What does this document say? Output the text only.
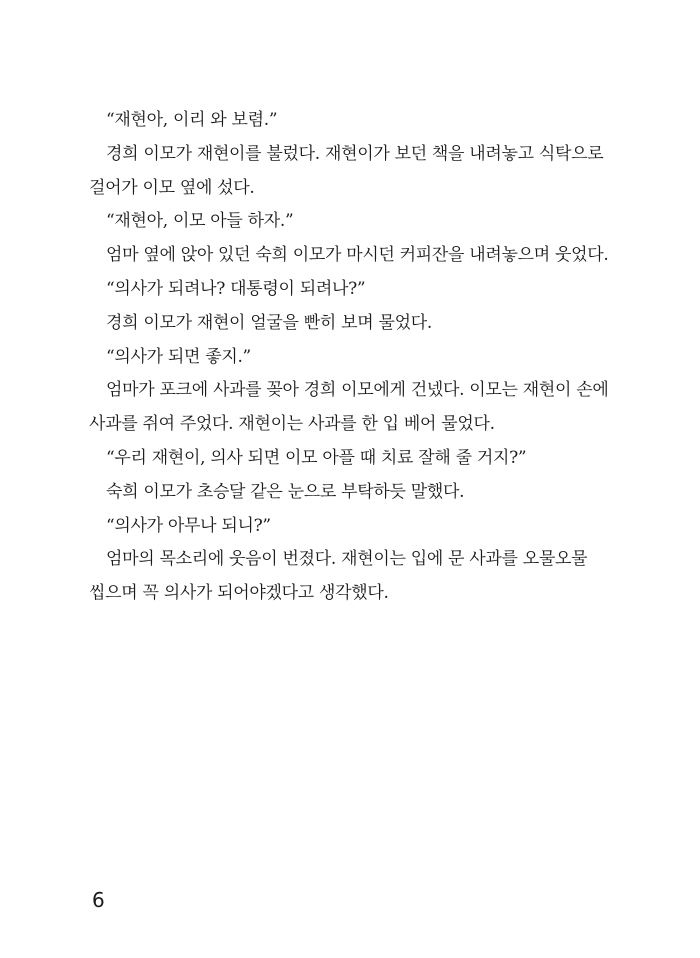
“재현아, 이리 와 보렴.”

경희 이모가 재현이를 불렀다. 재현이가 보던 책을 내려놓고 식탁으로 걸어가 이모 옆에 섰다.

“재현아, 이모 아들 하자.”

엄마 옆에 앉아 있던 숙희 이모가 마시던 커피잔을 내려놓으며 웃었다.

“의사가 되려나? 대통령이 되려나?”

경희 이모가 재현이 얼굴을 빤히 보며 물었다.

“의사가 되면 좋지.”

엄마가 포크에 사과를 꽂아 경희 이모에게 건넸다. 이모는 재현이 손에 사과를 쥐여 주었다. 재현이는 사과를 한 입 베어 물었다.

“우리 재현이, 의사 되면 이모 아플 때 치료 잘해 줄 거지?”

숙희 이모가 초승달 같은 눈으로 부탁하듯 말했다.

“의사가 아무나 되니?”

엄마의 목소리에 웃음이 번졌다. 재현이는 입에 문 사과를 오물오물 씹으며 꼭 의사가 되어야겠다고 생각했다.

6
